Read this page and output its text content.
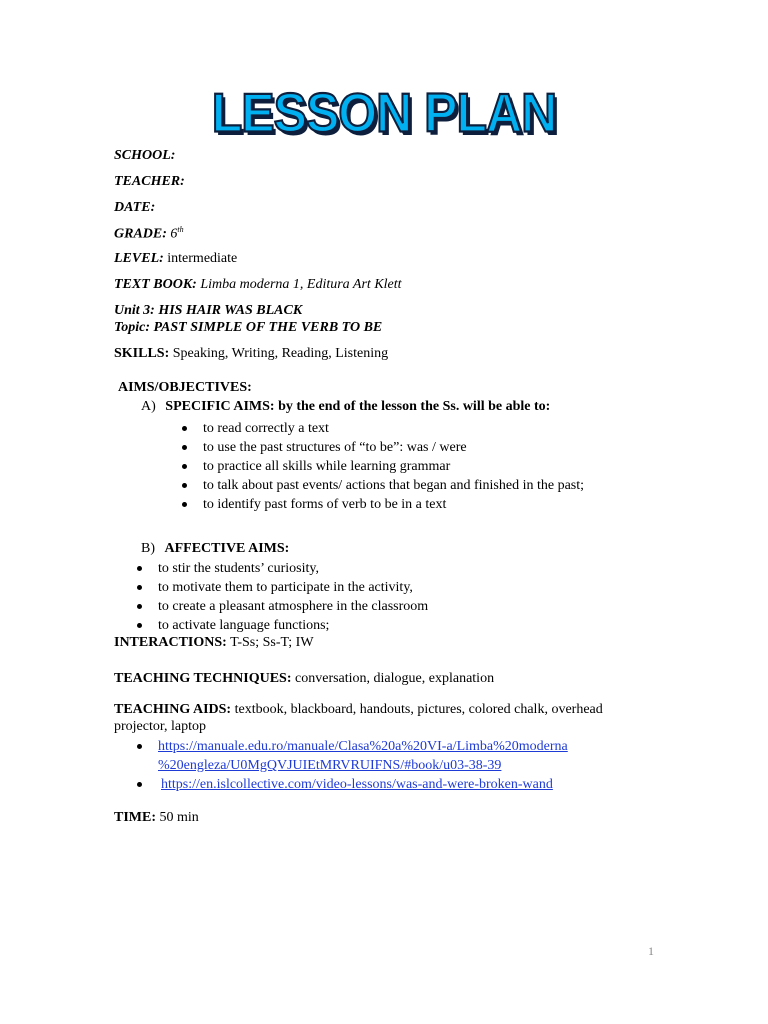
LESSON PLAN
SCHOOL:
TEACHER:
DATE:
GRADE: 6th
LEVEL: intermediate
TEXT BOOK: Limba moderna 1, Editura Art Klett
Unit 3: HIS HAIR WAS BLACK
Topic: PAST SIMPLE OF THE VERB TO BE
SKILLS: Speaking, Writing, Reading, Listening
AIMS/OBJECTIVES:
A) SPECIFIC AIMS: by the end of the lesson the Ss. will be able to:
to read correctly a text
to use the past structures of “to be”: was / were
to practice all skills while learning grammar
to talk about past events/ actions that began and finished in the past;
to identify past forms of verb to be in a text
B) AFFECTIVE AIMS:
to stir the students’ curiosity,
to motivate them to participate in the activity,
to create a pleasant atmosphere in the classroom
to activate language functions;
INTERACTIONS: T-Ss; Ss-T; IW
TEACHING TECHNIQUES: conversation, dialogue, explanation
TEACHING AIDS: textbook, blackboard, handouts, pictures, colored chalk, overhead
projector, laptop
https://manuale.edu.ro/manuale/Clasa%20a%20VI-a/Limba%20moderna
%20engleza/U0MgQVJUIEtMRVRUIFNS/#book/u03-38-39
https://en.islcollective.com/video-lessons/was-and-were-broken-wand
TIME: 50 min
1
